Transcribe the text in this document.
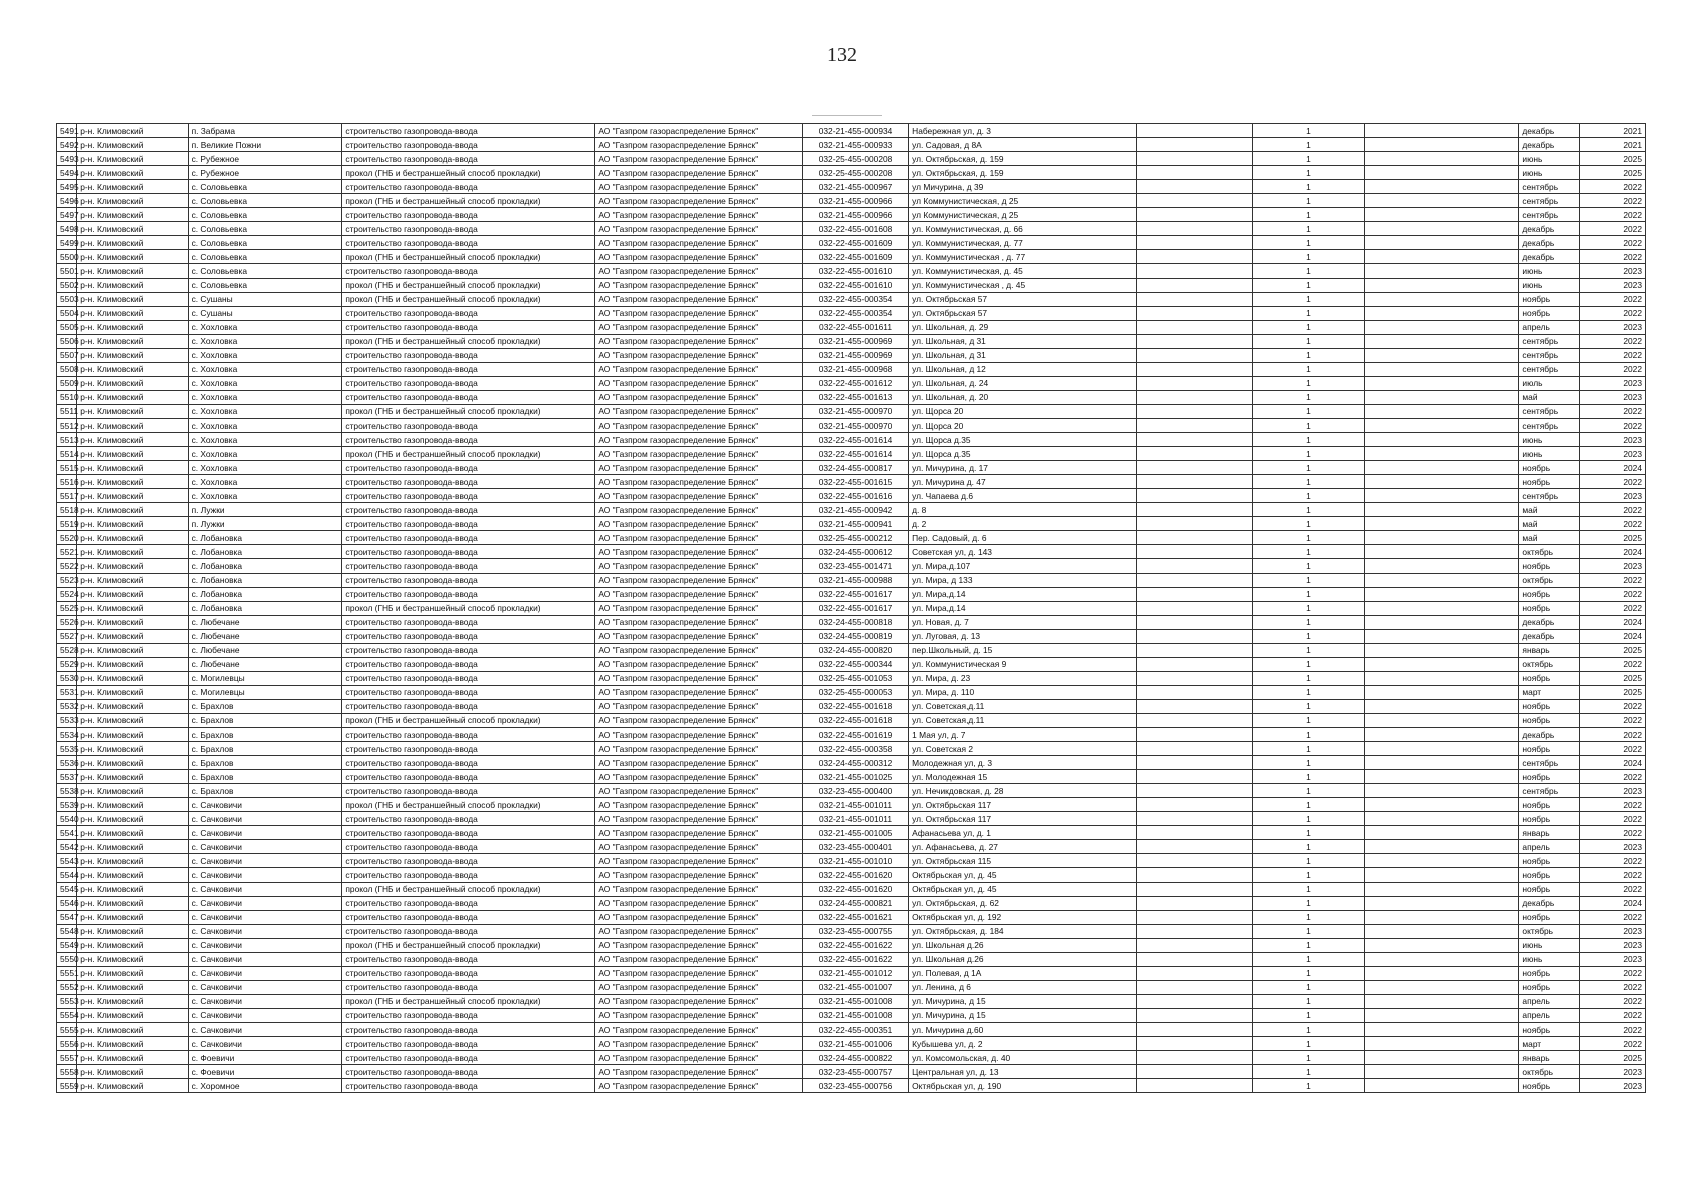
132
5491	р-н. Климовский	п. Забрама	строительство газопровода-ввода	АО "Газпром газораспределение Брянск"	032-21-455-000934	Набережная ул, д. 3		1		декабрь	2021
5492	р-н. Климовский	п. Великие Пожни	строительство газопровода-ввода	АО "Газпром газораспределение Брянск"	032-21-455-000933	ул. Садовая, д 8А		1		декабрь	2021
5493	р-н. Климовский	с. Рубежное	строительство газопровода-ввода	АО "Газпром газораспределение Брянск"	032-25-455-000208	ул. Октябрьская, д. 159		1		июнь	2025
5494	р-н. Климовский	с. Рубежное	прокол (ГНБ и бестраншейный способ прокладки)	АО "Газпром газораспределение Брянск"	032-25-455-000208	ул. Октябрьская, д. 159		1		июнь	2025
5495	р-н. Климовский	с. Соловьевка	строительство газопровода-ввода	АО "Газпром газораспределение Брянск"	032-21-455-000967	ул Мичурина, д 39		1		сентябрь	2022
5496	р-н. Климовский	с. Соловьевка	прокол (ГНБ и бестраншейный способ прокладки)	АО "Газпром газораспределение Брянск"	032-21-455-000966	ул Коммунистическая, д 25		1		сентябрь	2022
5497	р-н. Климовский	с. Соловьевка	строительство газопровода-ввода	АО "Газпром газораспределение Брянск"	032-21-455-000966	ул Коммунистическая, д 25		1		сентябрь	2022
5498	р-н. Климовский	с. Соловьевка	строительство газопровода-ввода	АО "Газпром газораспределение Брянск"	032-22-455-001608	ул. Коммунистическая, д. 66		1		декабрь	2022
5499	р-н. Климовский	с. Соловьевка	строительство газопровода-ввода	АО "Газпром газораспределение Брянск"	032-22-455-001609	ул. Коммунистическая, д. 77		1		декабрь	2022
5500	р-н. Климовский	с. Соловьевка	прокол (ГНБ и бестраншейный способ прокладки)	АО "Газпром газораспределение Брянск"	032-22-455-001609	ул. Коммунистическая , д. 77		1		декабрь	2022
5501	р-н. Климовский	с. Соловьевка	строительство газопровода-ввода	АО "Газпром газораспределение Брянск"	032-22-455-001610	ул. Коммунистическая, д. 45		1		июнь	2023
5502	р-н. Климовский	с. Соловьевка	прокол (ГНБ и бестраншейный способ прокладки)	АО "Газпром газораспределение Брянск"	032-22-455-001610	ул. Коммунистическая , д. 45		1		июнь	2023
5503	р-н. Климовский	с. Сушаны	прокол (ГНБ и бестраншейный способ прокладки)	АО "Газпром газораспределение Брянск"	032-22-455-000354	ул. Октябрьская 57		1		ноябрь	2022
5504	р-н. Климовский	с. Сушаны	строительство газопровода-ввода	АО "Газпром газораспределение Брянск"	032-22-455-000354	ул. Октябрьская 57		1		ноябрь	2022
5505	р-н. Климовский	с. Хохловка	строительство газопровода-ввода	АО "Газпром газораспределение Брянск"	032-22-455-001611	ул. Школьная, д. 29		1		апрель	2023
5506	р-н. Климовский	с. Хохловка	прокол (ГНБ и бестраншейный способ прокладки)	АО "Газпром газораспределение Брянск"	032-21-455-000969	ул. Школьная, д 31		1		сентябрь	2022
5507	р-н. Климовский	с. Хохловка	строительство газопровода-ввода	АО "Газпром газораспределение Брянск"	032-21-455-000969	ул. Школьная, д 31		1		сентябрь	2022
5508	р-н. Климовский	с. Хохловка	строительство газопровода-ввода	АО "Газпром газораспределение Брянск"	032-21-455-000968	ул. Школьная, д 12		1		сентябрь	2022
5509	р-н. Климовский	с. Хохловка	строительство газопровода-ввода	АО "Газпром газораспределение Брянск"	032-22-455-001612	ул. Школьная, д. 24		1		июль	2023
5510	р-н. Климовский	с. Хохловка	строительство газопровода-ввода	АО "Газпром газораспределение Брянск"	032-22-455-001613	ул. Школьная, д. 20		1		май	2023
5511	р-н. Климовский	с. Хохловка	прокол (ГНБ и бестраншейный способ прокладки)	АО "Газпром газораспределение Брянск"	032-21-455-000970	ул. Щорса 20		1		сентябрь	2022
5512	р-н. Климовский	с. Хохловка	строительство газопровода-ввода	АО "Газпром газораспределение Брянск"	032-21-455-000970	ул. Щорса 20		1		сентябрь	2022
5513	р-н. Климовский	с. Хохловка	строительство газопровода-ввода	АО "Газпром газораспределение Брянск"	032-22-455-001614	ул. Щорса д.35		1		июнь	2023
5514	р-н. Климовский	с. Хохловка	прокол (ГНБ и бестраншейный способ прокладки)	АО "Газпром газораспределение Брянск"	032-22-455-001614	ул. Щорса д.35		1		июнь	2023
5515	р-н. Климовский	с. Хохловка	строительство газопровода-ввода	АО "Газпром газораспределение Брянск"	032-24-455-000817	ул. Мичурина, д. 17		1		ноябрь	2024
5516	р-н. Климовский	с. Хохловка	строительство газопровода-ввода	АО "Газпром газораспределение Брянск"	032-22-455-001615	ул. Мичурина д. 47		1		ноябрь	2022
5517	р-н. Климовский	с. Хохловка	строительство газопровода-ввода	АО "Газпром газораспределение Брянск"	032-22-455-001616	ул. Чапаева д.6		1		сентябрь	2023
5518	р-н. Климовский	п. Лужки	строительство газопровода-ввода	АО "Газпром газораспределение Брянск"	032-21-455-000942	д. 8		1		май	2022
5519	р-н. Климовский	п. Лужки	строительство газопровода-ввода	АО "Газпром газораспределение Брянск"	032-21-455-000941	д. 2		1		май	2022
5520	р-н. Климовский	с. Лобановка	строительство газопровода-ввода	АО "Газпром газораспределение Брянск"	032-25-455-000212	Пер. Садовый, д. 6		1		май	2025
5521	р-н. Климовский	с. Лобановка	строительство газопровода-ввода	АО "Газпром газораспределение Брянск"	032-24-455-000612	Советская ул, д. 143		1		октябрь	2024
5522	р-н. Климовский	с. Лобановка	строительство газопровода-ввода	АО "Газпром газораспределение Брянск"	032-23-455-001471	ул. Мира,д.107		1		ноябрь	2023
5523	р-н. Климовский	с. Лобановка	строительство газопровода-ввода	АО "Газпром газораспределение Брянск"	032-21-455-000988	ул. Мира, д 133		1		октябрь	2022
5524	р-н. Климовский	с. Лобановка	строительство газопровода-ввода	АО "Газпром газораспределение Брянск"	032-22-455-001617	ул. Мира,д.14		1		ноябрь	2022
5525	р-н. Климовский	с. Лобановка	прокол (ГНБ и бестраншейный способ прокладки)	АО "Газпром газораспределение Брянск"	032-22-455-001617	ул. Мира,д.14		1		ноябрь	2022
5526	р-н. Климовский	с. Любечане	строительство газопровода-ввода	АО "Газпром газораспределение Брянск"	032-24-455-000818	ул. Новая, д. 7		1		декабрь	2024
5527	р-н. Климовский	с. Любечане	строительство газопровода-ввода	АО "Газпром газораспределение Брянск"	032-24-455-000819	ул. Луговая, д. 13		1		декабрь	2024
5528	р-н. Климовский	с. Любечане	строительство газопровода-ввода	АО "Газпром газораспределение Брянск"	032-24-455-000820	пер.Школьный, д. 15		1		январь	2025
5529	р-н. Климовский	с. Любечане	строительство газопровода-ввода	АО "Газпром газораспределение Брянск"	032-22-455-000344	ул. Коммунистическая 9		1		октябрь	2022
5530	р-н. Климовский	с. Могилевцы	строительство газопровода-ввода	АО "Газпром газораспределение Брянск"	032-25-455-001053	ул. Мира, д. 23		1		ноябрь	2025
5531	р-н. Климовский	с. Могилевцы	строительство газопровода-ввода	АО "Газпром газораспределение Брянск"	032-25-455-000053	ул. Мира, д. 110		1		март	2025
5532	р-н. Климовский	с. Брахлов	строительство газопровода-ввода	АО "Газпром газораспределение Брянск"	032-22-455-001618	ул. Советская,д.11		1		ноябрь	2022
5533	р-н. Климовский	с. Брахлов	прокол (ГНБ и бестраншейный способ прокладки)	АО "Газпром газораспределение Брянск"	032-22-455-001618	ул. Советская,д.11		1		ноябрь	2022
5534	р-н. Климовский	с. Брахлов	строительство газопровода-ввода	АО "Газпром газораспределение Брянск"	032-22-455-001619	1 Мая ул, д. 7		1		декабрь	2022
5535	р-н. Климовский	с. Брахлов	строительство газопровода-ввода	АО "Газпром газораспределение Брянск"	032-22-455-000358	ул. Советская 2		1		ноябрь	2022
5536	р-н. Климовский	с. Брахлов	строительство газопровода-ввода	АО "Газпром газораспределение Брянск"	032-24-455-000312	Молодежная ул, д. 3		1		сентябрь	2024
5537	р-н. Климовский	с. Брахлов	строительство газопровода-ввода	АО "Газпром газораспределение Брянск"	032-21-455-001025	ул. Молодежная 15		1		ноябрь	2022
5538	р-н. Климовский	с. Брахлов	строительство газопровода-ввода	АО "Газпром газораспределение Брянск"	032-23-455-000400	ул. Нечикдовская, д. 28		1		сентябрь	2023
5539	р-н. Климовский	с. Сачковичи	прокол (ГНБ и бестраншейный способ прокладки)	АО "Газпром газораспределение Брянск"	032-21-455-001011	ул. Октябрьская 117		1		ноябрь	2022
5540	р-н. Климовский	с. Сачковичи	строительство газопровода-ввода	АО "Газпром газораспределение Брянск"	032-21-455-001011	ул. Октябрьская 117		1		ноябрь	2022
5541	р-н. Климовский	с. Сачковичи	строительство газопровода-ввода	АО "Газпром газораспределение Брянск"	032-21-455-001005	Афанасьева ул, д. 1		1		январь	2022
5542	р-н. Климовский	с. Сачковичи	строительство газопровода-ввода	АО "Газпром газораспределение Брянск"	032-23-455-000401	ул. Афанасьева, д. 27		1		апрель	2023
5543	р-н. Климовский	с. Сачковичи	строительство газопровода-ввода	АО "Газпром газораспределение Брянск"	032-21-455-001010	ул. Октябрьская 115		1		ноябрь	2022
5544	р-н. Климовский	с. Сачковичи	строительство газопровода-ввода	АО "Газпром газораспределение Брянск"	032-22-455-001620	Октябрьская ул, д. 45		1		ноябрь	2022
5545	р-н. Климовский	с. Сачковичи	прокол (ГНБ и бестраншейный способ прокладки)	АО "Газпром газораспределение Брянск"	032-22-455-001620	Октябрьская ул, д. 45		1		ноябрь	2022
5546	р-н. Климовский	с. Сачковичи	строительство газопровода-ввода	АО "Газпром газораспределение Брянск"	032-24-455-000821	ул. Октябрьская, д. 62		1		декабрь	2024
5547	р-н. Климовский	с. Сачковичи	строительство газопровода-ввода	АО "Газпром газораспределение Брянск"	032-22-455-001621	Октябрьская ул, д. 192		1		ноябрь	2022
5548	р-н. Климовский	с. Сачковичи	строительство газопровода-ввода	АО "Газпром газораспределение Брянск"	032-23-455-000755	ул. Октябрьская, д. 184		1		октябрь	2023
5549	р-н. Климовский	с. Сачковичи	прокол (ГНБ и бестраншейный способ прокладки)	АО "Газпром газораспределение Брянск"	032-22-455-001622	ул. Школьная д.26		1		июнь	2023
5550	р-н. Климовский	с. Сачковичи	строительство газопровода-ввода	АО "Газпром газораспределение Брянск"	032-22-455-001622	ул. Школьная д.26		1		июнь	2023
5551	р-н. Климовский	с. Сачковичи	строительство газопровода-ввода	АО "Газпром газораспределение Брянск"	032-21-455-001012	ул. Полевая, д 1А		1		ноябрь	2022
5552	р-н. Климовский	с. Сачковичи	строительство газопровода-ввода	АО "Газпром газораспределение Брянск"	032-21-455-001007	ул. Ленина, д 6		1		ноябрь	2022
5553	р-н. Климовский	с. Сачковичи	прокол (ГНБ и бестраншейный способ прокладки)	АО "Газпром газораспределение Брянск"	032-21-455-001008	ул. Мичурина, д 15		1		апрель	2022
5554	р-н. Климовский	с. Сачковичи	строительство газопровода-ввода	АО "Газпром газораспределение Брянск"	032-21-455-001008	ул. Мичурина, д 15		1		апрель	2022
5555	р-н. Климовский	с. Сачковичи	строительство газопровода-ввода	АО "Газпром газораспределение Брянск"	032-22-455-000351	ул. Мичурина д.60		1		ноябрь	2022
5556	р-н. Климовский	с. Сачковичи	строительство газопровода-ввода	АО "Газпром газораспределение Брянск"	032-21-455-001006	Кубышева ул, д. 2		1		март	2022
5557	р-н. Климовский	с. Фоевичи	строительство газопровода-ввода	АО "Газпром газораспределение Брянск"	032-24-455-000822	ул. Комсомольская, д. 40		1		январь	2025
5558	р-н. Климовский	с. Фоевичи	строительство газопровода-ввода	АО "Газпром газораспределение Брянск"	032-23-455-000757	Центральная ул, д. 13		1		октябрь	2023
5559	р-н. Климовский	с. Хоромное	строительство газопровода-ввода	АО "Газпром газораспределение Брянск"	032-23-455-000756	Октябрьская ул, д. 190		1		ноябрь	2023
